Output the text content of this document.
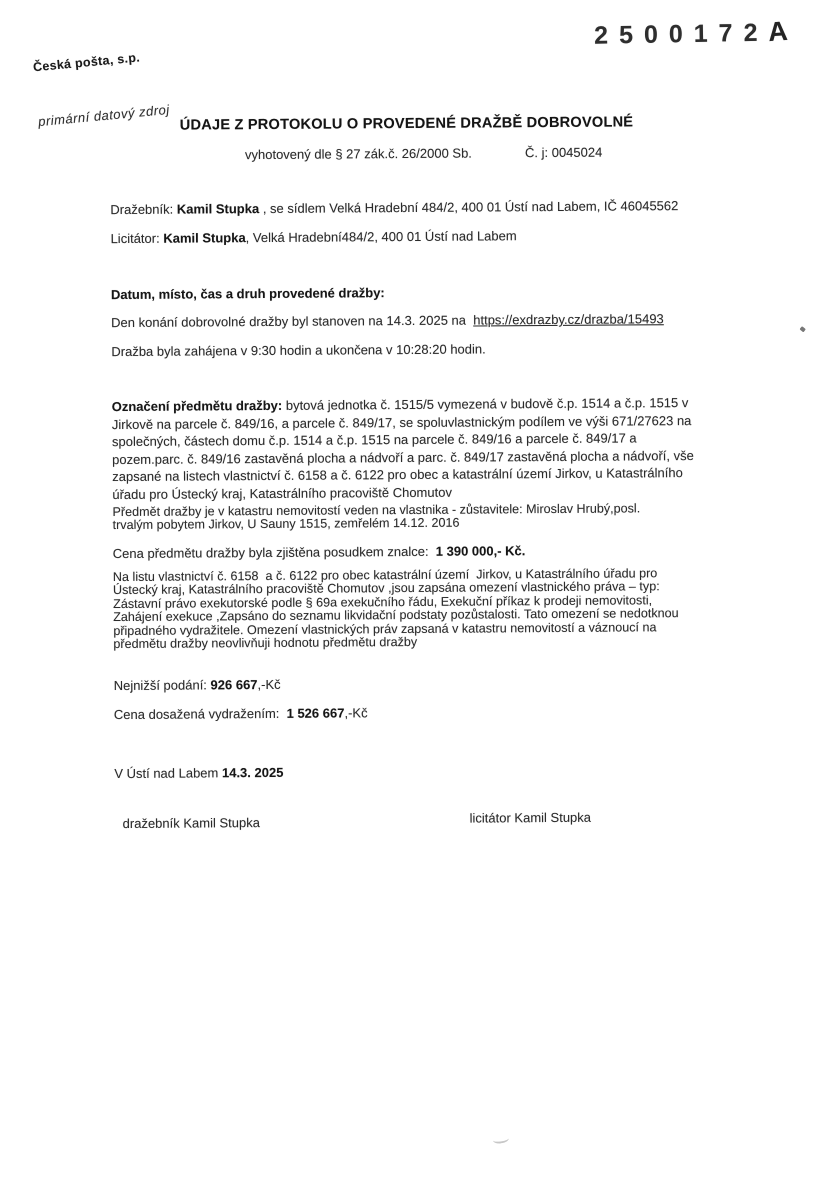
Česká pošta, s.p.

primární datový zdroj

2500172
A
ÚDAJE Z PROTOKOLU O PROVEDENÉ DRAŽBĚ DOBROVOLNÉ

vyhotovený dle § 27 zák.č. 26/2000 Sb.	Č. j: 0045024

Dražebník: Kamil Stupka , se sídlem Velká Hradební 484/2, 400 01 Ústí nad Labem, IČ 46045562

Licitátor: Kamil Stupka, Velká Hradební484/2, 400 01 Ústí nad Labem

Datum, místo, čas a druh provedené dražby:

Den konání dobrovolné dražby byl stanoven na 14.3. 2025 na  https://exdrazby.cz/drazba/15493

Dražba byla zahájena v 9:30 hodin a ukončena v 10:28:20 hodin.

Označení předmětu dražby: bytová jednotka č. 1515/5 vymezená v budově č.p. 1514 a č.p. 1515 v
Jirkově na parcele č. 849/16, a parcele č. 849/17, se spoluvlastnickým podílem ve výši 671/27623 na
společných, částech domu č.p. 1514 a č.p. 1515 na parcele č. 849/16 a parcele č. 849/17 a
pozem.parc. č. 849/16 zastavěná plocha a nádvoří a parc. č. 849/17 zastavěná plocha a nádvoří, vše
zapsané na listech vlastnictví č. 6158 a č. 6122 pro obec a katastrální území Jirkov, u Katastrálního
úřadu pro Ústecký kraj, Katastrálního pracoviště Chomutov

Předmět dražby je v katastru nemovitostí veden na vlastnika - zůstavitele: Miroslav Hrubý,posl.
trvalým pobytem Jirkov, U Sauny 1515, zemřelém 14.12. 2016

Cena předmětu dražby byla zjištěna posudkem znalce:  1 390 000,- Kč.

Na listu vlastnictví č. 6158  a č. 6122 pro obec katastrální území  Jirkov, u Katastrálního úřadu pro
Ústecký kraj, Katastrálního pracoviště Chomutov ,jsou zapsána omezení vlastnického práva – typ:
Zástavní právo exekutorské podle § 69a exekučního řádu, Exekuční příkaz k prodeji nemovitosti,
Zahájení exekuce ,Zapsáno do seznamu likvidační podstaty pozůstalosti. Tato omezení se nedotknou
připadného vydražitele. Omezení vlastnických práv zapsaná v katastru nemovitostí a váznoucí na
předmětu dražby neovlivňuji hodnotu předmětu dražby

Nejnižší podání: 926 667,-Kč

Cena dosažená vydražením:  1 526 667,-Kč

V Ústí nad Labem 14.3. 2025

dražebník Kamil Stupka	licitátor Kamil Stupka
